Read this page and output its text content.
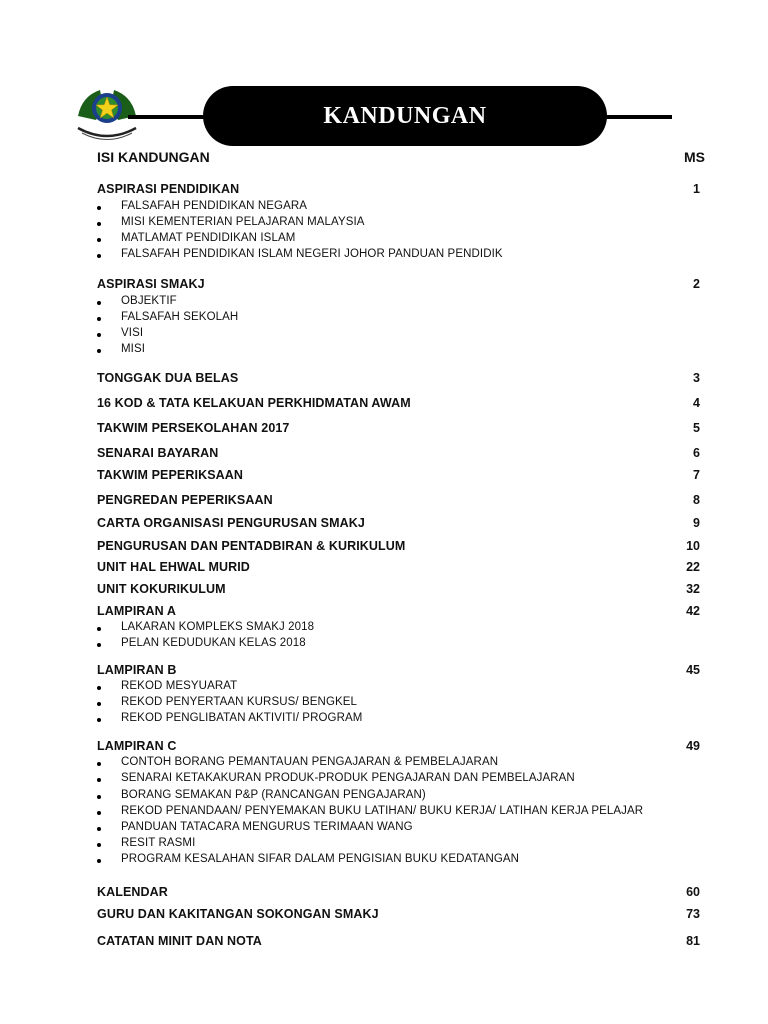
KANDUNGAN
ISI KANDUNGAN	MS
ASPIRASI PENDIDIKAN	1
FALSAFAH PENDIDIKAN NEGARA
MISI KEMENTERIAN PELAJARAN MALAYSIA
MATLAMAT PENDIDIKAN ISLAM
FALSAFAH PENDIDIKAN ISLAM NEGERI JOHOR PANDUAN PENDIDIK
ASPIRASI SMAKJ	2
OBJEKTIF
FALSAFAH SEKOLAH
VISI
MISI
TONGGAK DUA BELAS	3
16 KOD & TATA KELAKUAN PERKHIDMATAN AWAM	4
TAKWIM PERSEKOLAHAN 2017	5
SENARAI BAYARAN	6
TAKWIM PEPERIKSAAN	7
PENGREDAN PEPERIKSAAN	8
CARTA ORGANISASI PENGURUSAN SMAKJ	9
PENGURUSAN DAN PENTADBIRAN & KURIKULUM	10
UNIT HAL EHWAL MURID	22
UNIT KOKURIKULUM	32
LAMPIRAN A	42
LAKARAN KOMPLEKS SMAKJ 2018
PELAN KEDUDUKAN KELAS 2018
LAMPIRAN B	45
REKOD MESYUARAT
REKOD PENYERTAAN KURSUS/ BENGKEL
REKOD PENGLIBATAN AKTIVITI/ PROGRAM
LAMPIRAN C	49
CONTOH BORANG PEMANTAUAN PENGAJARAN & PEMBELAJARAN
SENARAI KETAKAKURAN PRODUK-PRODUK PENGAJARAN DAN PEMBELAJARAN
BORANG SEMAKAN P&P (RANCANGAN PENGAJARAN)
REKOD PENANDAAN/ PENYEMAKAN BUKU LATIHAN/ BUKU KERJA/ LATIHAN KERJA PELAJAR
PANDUAN TATACARA MENGURUS TERIMAAN WANG
RESIT RASMI
PROGRAM KESALAHAN SIFAR DALAM PENGISIAN BUKU KEDATANGAN
KALENDAR	60
GURU DAN KAKITANGAN SOKONGAN SMAKJ	73
CATATAN MINIT DAN NOTA	81
